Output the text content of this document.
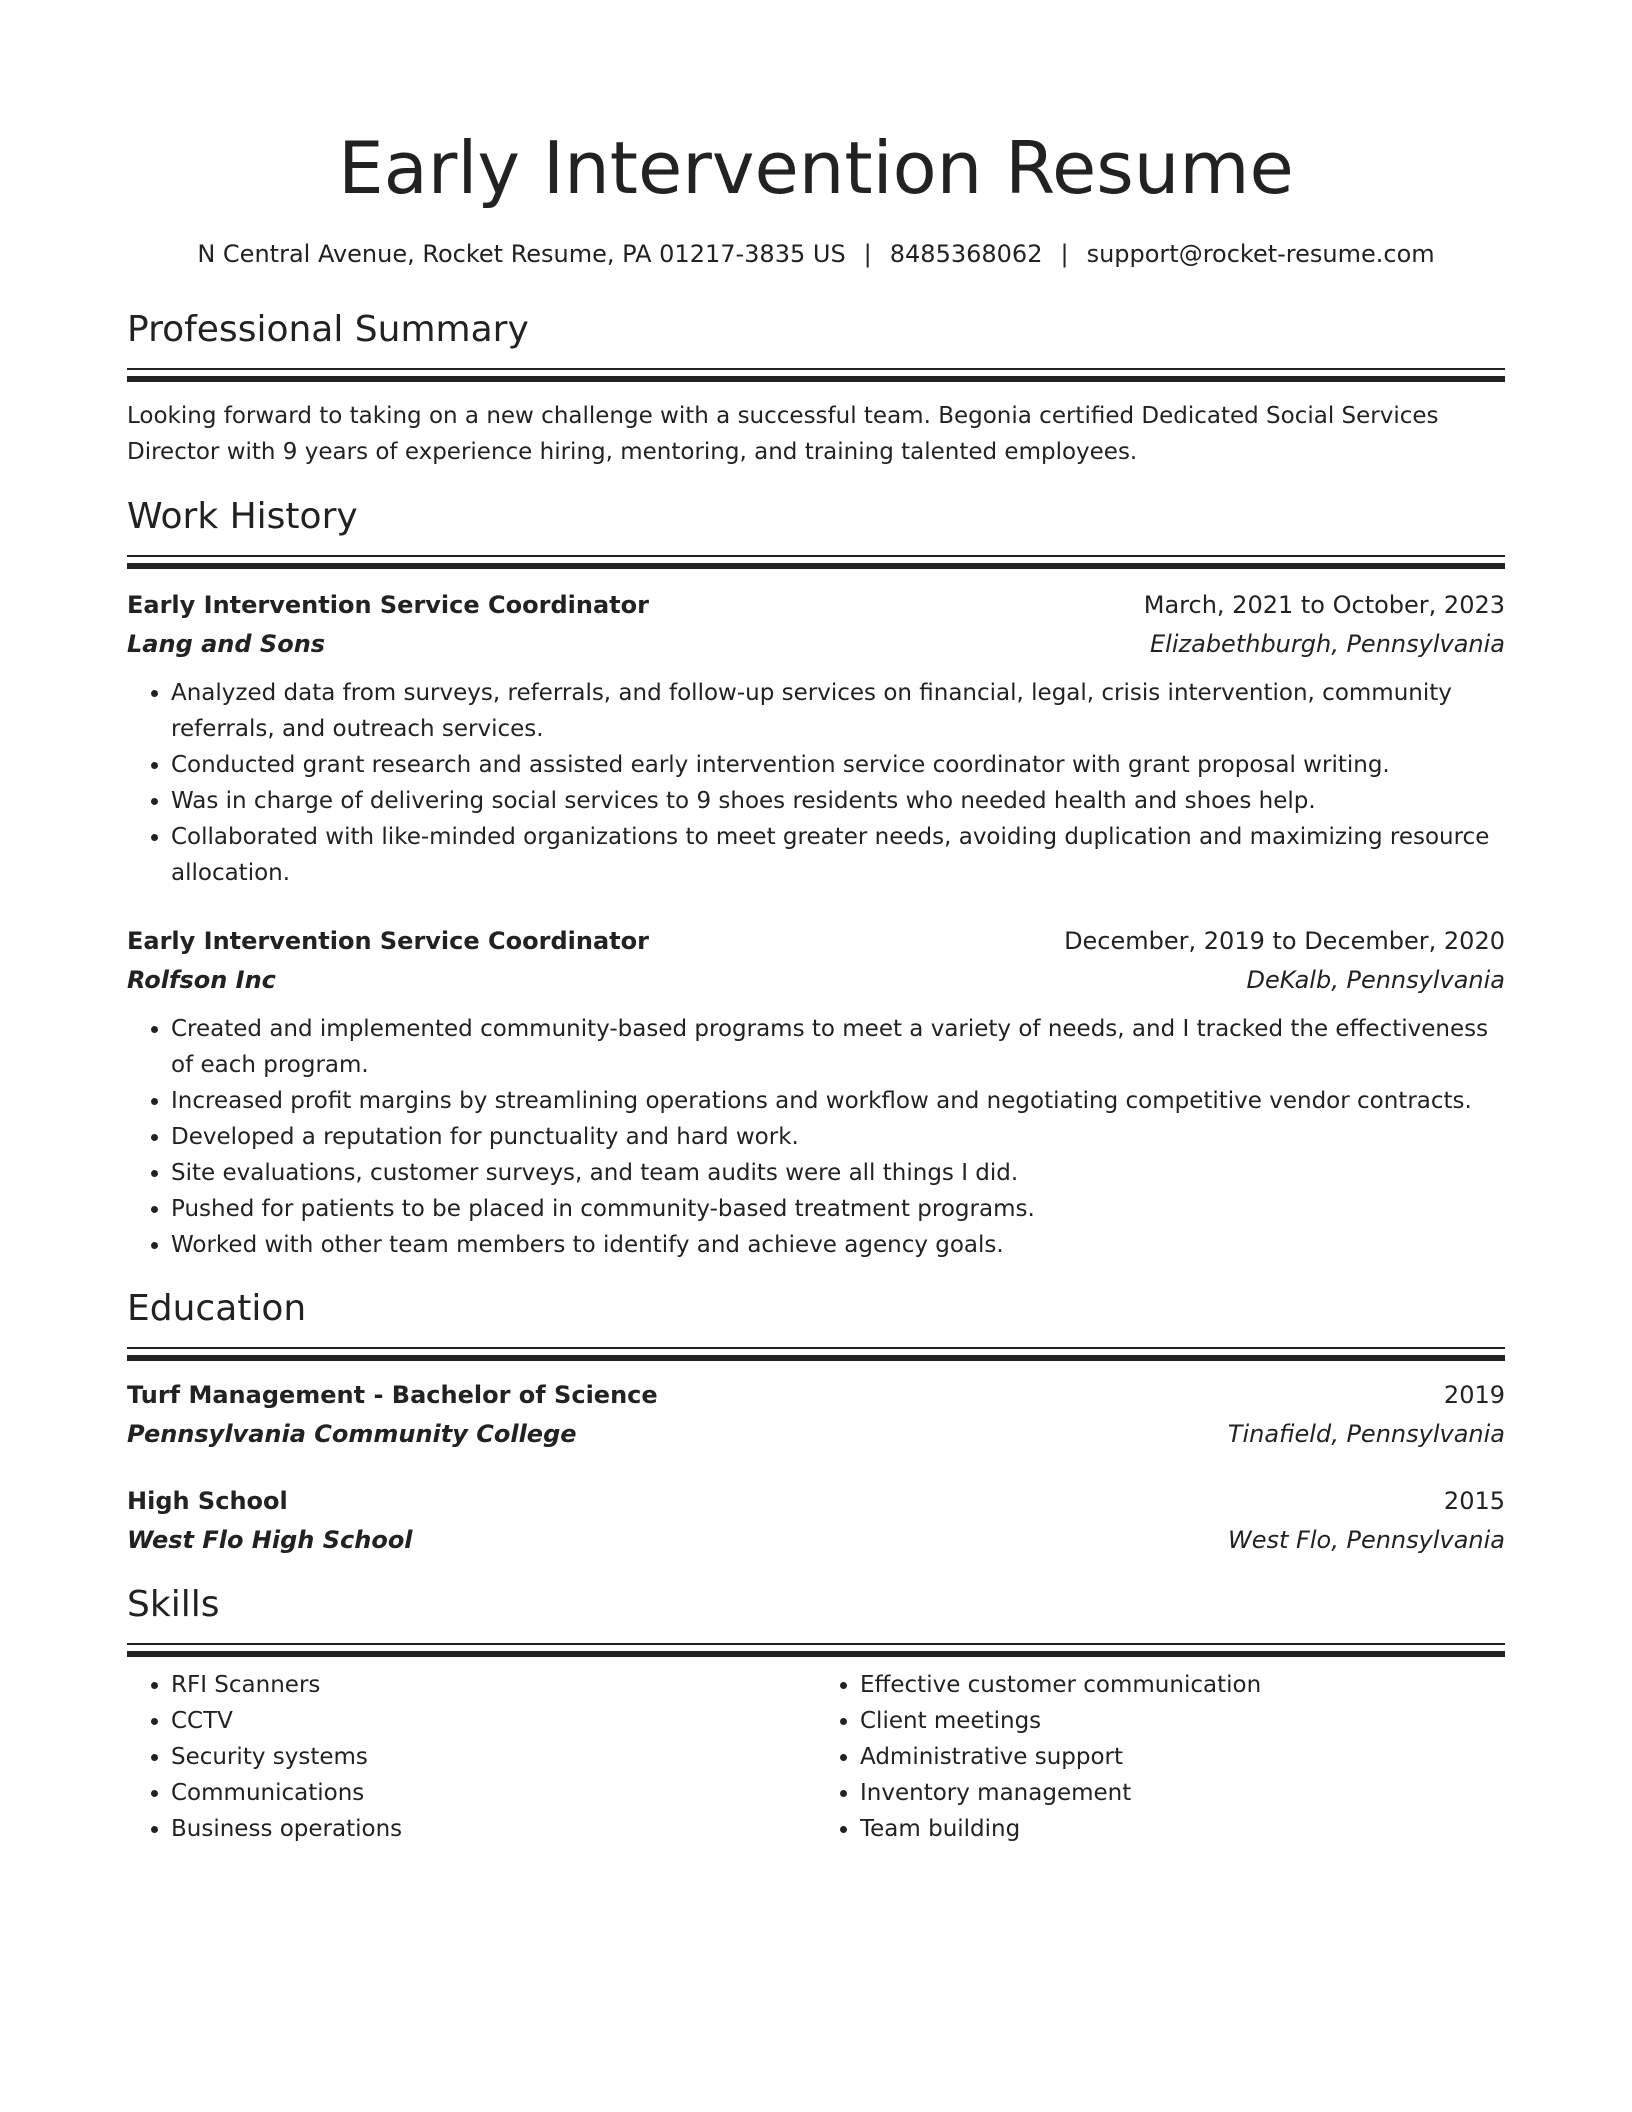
Early Intervention Resume
N Central Avenue, Rocket Resume, PA 01217-3835 US | 8485368062 | support@rocket-resume.com
Professional Summary

Looking forward to taking on a new challenge with a successful team. Begonia certified Dedicated Social Services Director with 9 years of experience hiring, mentoring, and training talented employees.

Work History
Early Intervention Service Coordinator	March, 2021 to October, 2023
Lang and Sons	Elizabethburgh, Pennsylvania
• Analyzed data from surveys, referrals, and follow-up services on financial, legal, crisis intervention, community referrals, and outreach services.
• Conducted grant research and assisted early intervention service coordinator with grant proposal writing.
• Was in charge of delivering social services to 9 shoes residents who needed health and shoes help.
• Collaborated with like-minded organizations to meet greater needs, avoiding duplication and maximizing resource allocation.
Early Intervention Service Coordinator	December, 2019 to December, 2020
Rolfson Inc	DeKalb, Pennsylvania
• Created and implemented community-based programs to meet a variety of needs, and I tracked the effectiveness of each program.
• Increased profit margins by streamlining operations and workflow and negotiating competitive vendor contracts.
• Developed a reputation for punctuality and hard work.
• Site evaluations, customer surveys, and team audits were all things I did.
• Pushed for patients to be placed in community-based treatment programs.
• Worked with other team members to identify and achieve agency goals.
Education
Turf Management - Bachelor of Science	2019
Pennsylvania Community College	Tinafield, Pennsylvania
High School	2015
West Flo High School	West Flo, Pennsylvania
Skills
• RFI Scanners
• CCTV
• Security systems
• Communications
• Business operations
• Effective customer communication
• Client meetings
• Administrative support
• Inventory management
• Team building
